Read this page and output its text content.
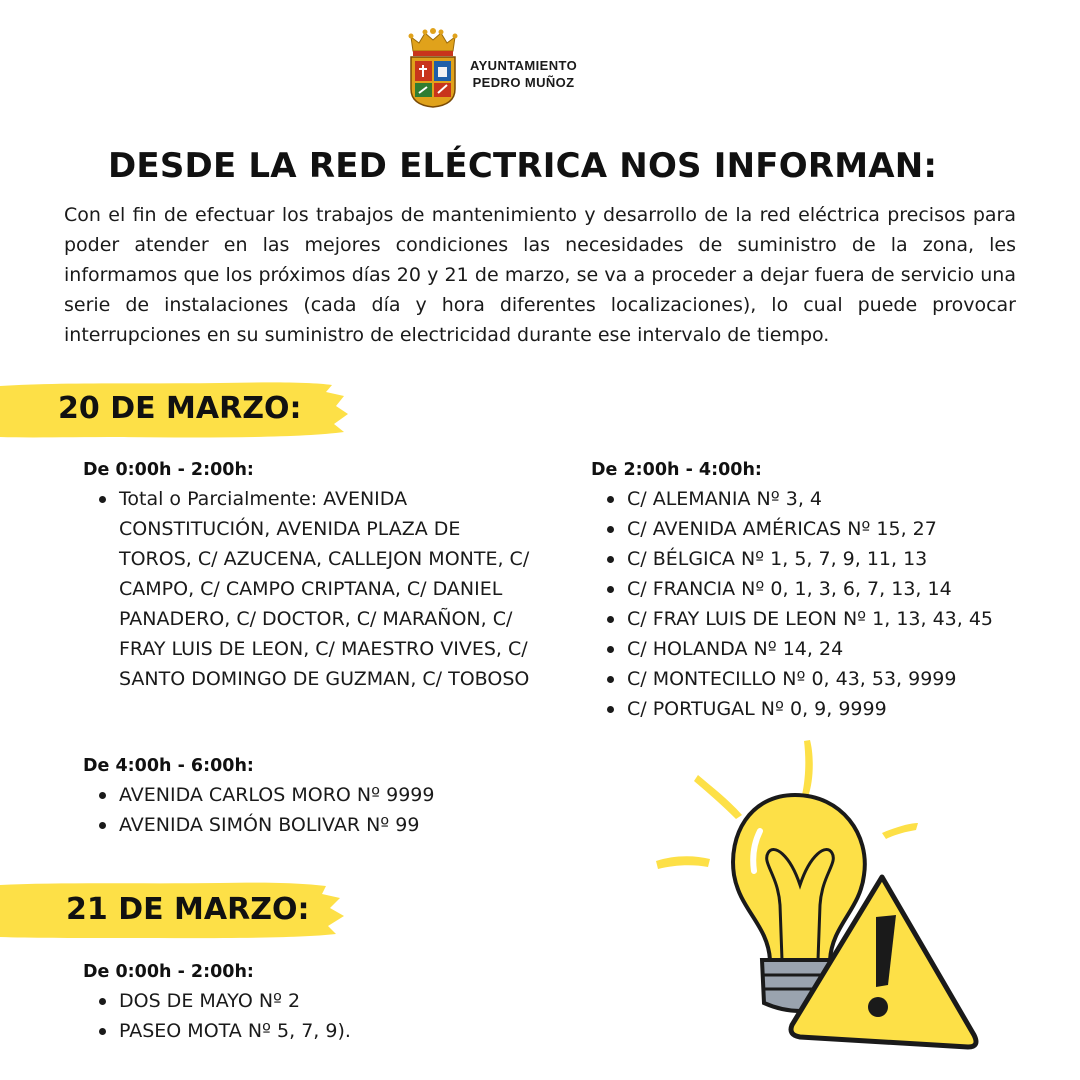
AYUNTAMIENTO
PEDRO MUÑOZ
DESDE LA RED ELÉCTRICA NOS INFORMAN:

Con el fin de efectuar los trabajos de mantenimiento y desarrollo de la red eléctrica precisos para poder atender en las mejores condiciones las necesidades de suministro de la zona, les informamos que los próximos días 20 y 21 de marzo, se va a proceder a dejar fuera de servicio una serie de instalaciones (cada día y hora diferentes localizaciones), lo cual puede provocar interrupciones en su suministro de electricidad durante ese intervalo de tiempo.

20 DE MARZO:
De 0:00h - 2:00h:
Total o Parcialmente: AVENIDA CONSTITUCIÓN, AVENIDA PLAZA DE TOROS, C/ AZUCENA, CALLEJON MONTE, C/ CAMPO, C/ CAMPO CRIPTANA, C/ DANIEL PANADERO, C/ DOCTOR, C/ MARAÑON, C/ FRAY LUIS DE LEON, C/ MAESTRO VIVES, C/ SANTO DOMINGO DE GUZMAN, C/ TOBOSO
De 2:00h - 4:00h:
C/ ALEMANIA Nº 3, 4
C/ AVENIDA AMÉRICAS Nº 15, 27
C/ BÉLGICA Nº 1, 5, 7, 9, 11, 13
C/ FRANCIA Nº 0, 1, 3, 6, 7, 13, 14
C/ FRAY LUIS DE LEON Nº 1, 13, 43, 45
C/ HOLANDA Nº 14, 24
C/ MONTECILLO Nº 0, 43, 53, 9999
C/ PORTUGAL Nº 0, 9, 9999
De 4:00h - 6:00h:
AVENIDA CARLOS MORO Nº 9999
AVENIDA SIMÓN BOLIVAR Nº 99
21 DE MARZO:
De 0:00h - 2:00h:
DOS DE MAYO Nº 2
PASEO MOTA Nº 5, 7, 9).
